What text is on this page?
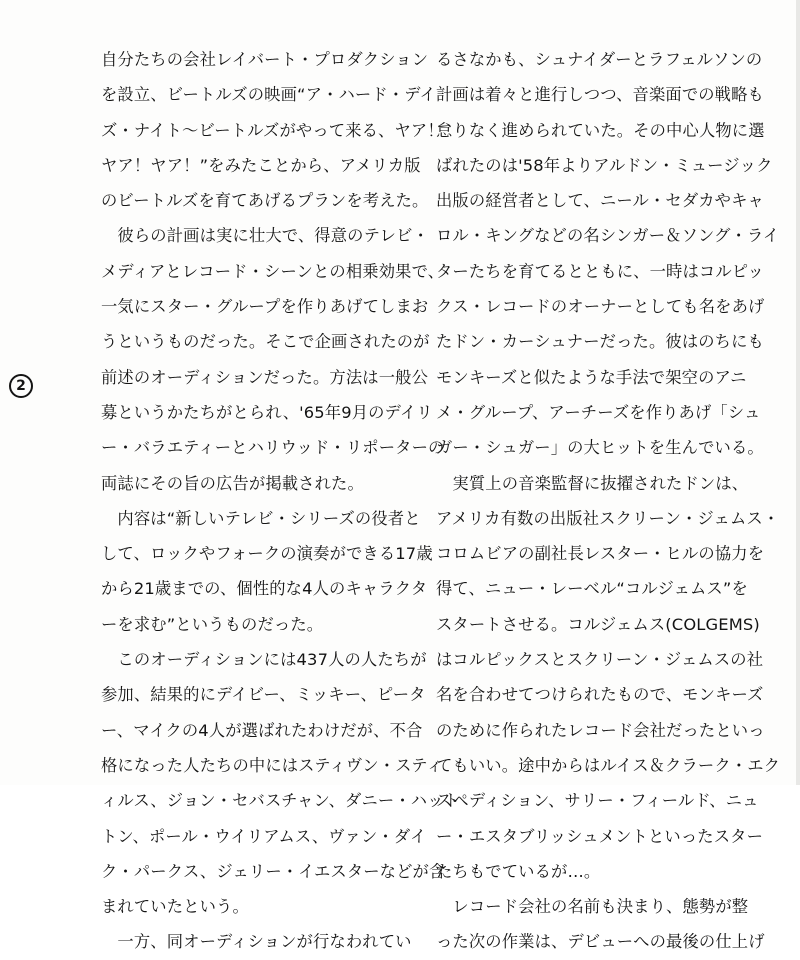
自分たちの会社レイバート・プロダクション
を設立、ビートルズの映画“ア・ハード・デイ
ズ・ナイト～ビートルズがやって来る、ヤア！
ヤア！ヤア！”をみたことから、アメリカ版
のビートルズを育てあげるプランを考えた。
　彼らの計画は実に壮大で、得意のテレビ・
メディアとレコード・シーンとの相乗効果で、
一気にスター・グループを作りあげてしまお
うというものだった。そこで企画されたのが
前述のオーディションだった。方法は一般公
募というかたちがとられ、'65年9月のデイリ
ー・バラエティーとハリウッド・リポーターの
両誌にその旨の広告が掲載された。
　内容は“新しいテレビ・シリーズの役者と
して、ロックやフォークの演奏ができる17歳
から21歳までの、個性的な4人のキャラクタ
ーを求む”というものだった。
　このオーディションには437人の人たちが
参加、結果的にデイビー、ミッキー、ピータ
ー、マイクの4人が選ばれたわけだが、不合
格になった人たちの中にはスティヴン・スティ
ィルス、ジョン・セバスチャン、ダニー・ハット
トン、ポール・ウイリアムス、ヴァン・ダイ
ク・パークス、ジェリー・イエスターなどが含
まれていたという。
　一方、同オーディションが行なわれてい
2
るさなかも、シュナイダーとラフェルソンの
計画は着々と進行しつつ、音楽面での戦略も
怠りなく進められていた。その中心人物に選
ばれたのは'58年よりアルドン・ミュージック
出版の経営者として、ニール・セダカやキャ
ロル・キングなどの名シンガー＆ソング・ライ
ターたちを育てるとともに、一時はコルピッ
クス・レコードのオーナーとしても名をあげ
たドン・カーシュナーだった。彼はのちにも
モンキーズと似たような手法で架空のアニ
メ・グループ、アーチーズを作りあげ「シュ
ガー・シュガー」の大ヒットを生んでいる。
　実質上の音楽監督に抜擢されたドンは、
アメリカ有数の出版社スクリーン・ジェムス・
コロムビアの副社長レスター・ヒルの協力を
得て、ニュー・レーベル“コルジェムス”を
スタートさせる。コルジェムス(COLGEMS)
はコルピックスとスクリーン・ジェムスの社
名を合わせてつけられたもので、モンキーズ
のために作られたレコード会社だったといっ
てもいい。途中からはルイス＆クラーク・エク
スペディション、サリー・フィールド、ニュ
ー・エスタブリッシュメントといったスター
たちもでているが…。
　レコード会社の名前も決まり、態勢が整
った次の作業は、デビューへの最後の仕上げ
